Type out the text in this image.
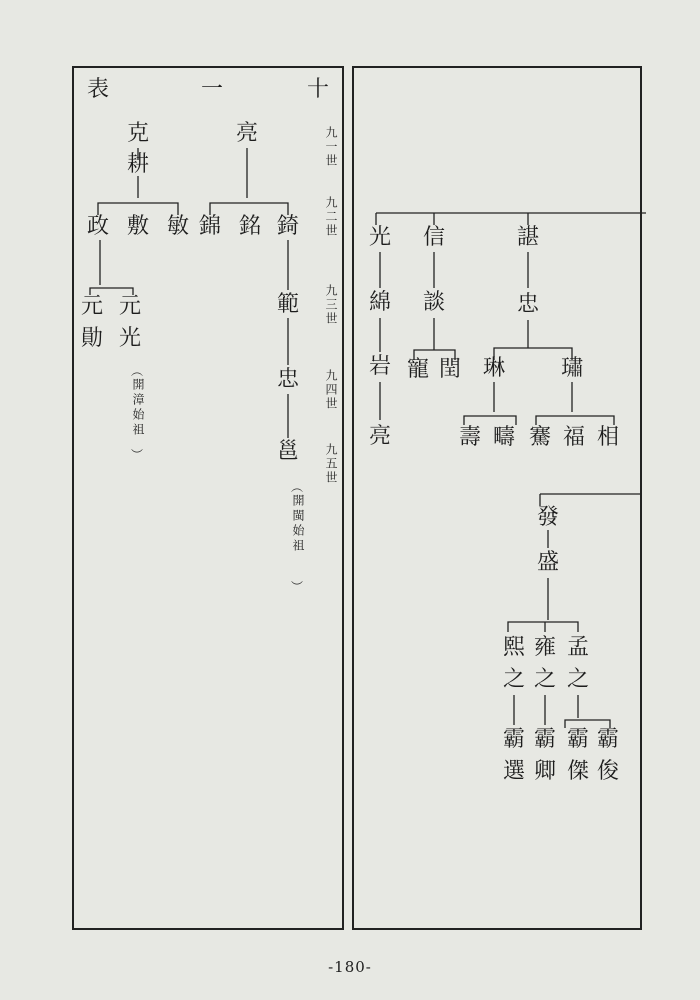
表	一	十
九一世
九二世
九三世
九四世
九五世
克
耕
亮
政 敷 敏 錦 銘 錡
元 元	範
勛 光
忠
邕
︵
開漳始祖
︶
︵
開閩始祖
︶
光 信	諶
綿 談	忠
岩 寵 閏 琳	璛
亮	壽 疇 騫 福 相
發
盛
熙
之
雍
之
孟
之
霸
選
霸
卿
霸
傑
霸
俊
-180-
